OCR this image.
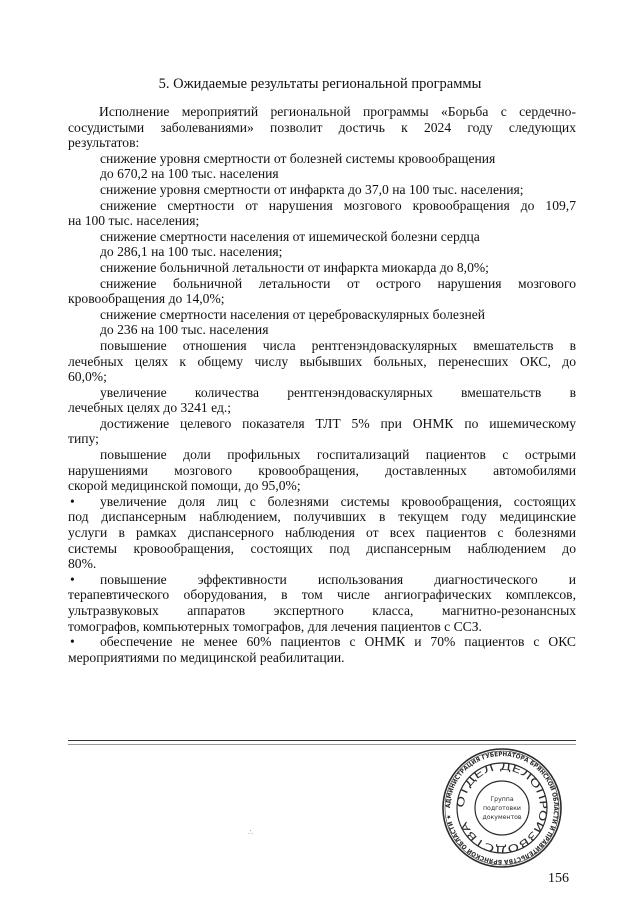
5. Ожидаемые результаты региональной программы
Исполнение мероприятий региональной программы «Борьба с сердечно-
сосудистыми заболеваниями» позволит достичь к 2024 году следующих
результатов:
снижение уровня смертности от болезней системы кровообращения
до 670,2 на 100 тыс. населения
снижение уровня смертности от инфаркта до 37,0 на 100 тыс. населения;
снижение смертности от нарушения мозгового кровообращения до 109,7
на 100 тыс. населения;
снижение смертности населения от ишемической болезни сердца
до 286,1 на 100 тыс. населения;
снижение больничной летальности от инфаркта миокарда до 8,0%;
снижение больничной летальности от острого нарушения мозгового
кровообращения до 14,0%;
снижение смертности населения от цереброваскулярных болезней
до 236 на 100 тыс. населения
повышение отношения числа рентгенэндоваскулярных вмешательств в
лечебных целях к общему числу выбывших больных, перенесших ОКС, до
60,0%;
увеличение количества рентгенэндоваскулярных вмешательств в
лечебных целях до 3241 ед.;
достижение целевого показателя ТЛТ 5% при ОНМК по ишемическому
типу;
повышение доли профильных госпитализаций пациентов с острыми
нарушениями мозгового кровообращения, доставленных автомобилями
скорой медицинской помощи, до 95,0%;
• увеличение доля лиц с болезнями системы кровообращения, состоящих
под диспансерным наблюдением, получивших в текущем году медицинские
услуги в рамках диспансерного наблюдения от всех пациентов с болезнями
системы кровообращения, состоящих под диспансерным наблюдением до
80%.
• повышение эффективности использования диагностического и
терапевтического оборудования, в том числе ангиографических комплексов,
ультразвуковых аппаратов экспертного класса, магнитно-резонансных
томографов, компьютерных томографов, для лечения пациентов с ССЗ.
• обеспечение не менее 60% пациентов с ОНМК и 70% пациентов с ОКС
мероприятиями по медицинской реабилитации.
АДМИНИСТРАЦИЯ ГУБЕРНАТОРА БРЯНСКОЙ ОБЛАСТИ И ПРАВИТЕЛЬСТВА БРЯНСКОЙ ОБЛАСТИ ★
ОТДЕЛ ДЕЛОПРОИЗВОДСТВА
Группа
подготовки
документов
∴
156
